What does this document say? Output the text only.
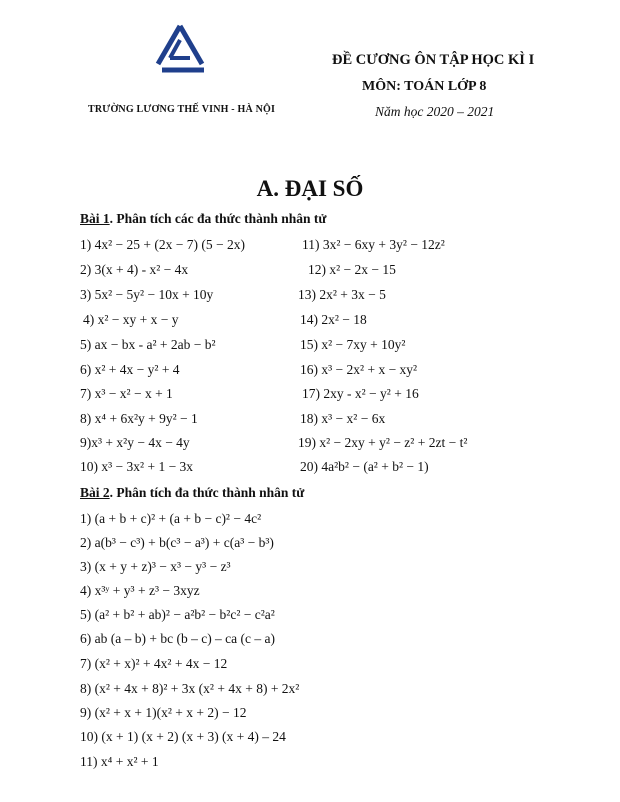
TRƯỜNG LƯƠNG THẾ VINH - HÀ NỘI
ĐỀ CƯƠNG ÔN TẬP HỌC KÌ I
MÔN: TOÁN LỚP 8
Năm học 2020 – 2021
A. ĐẠI SỐ
Bài 1. Phân tích các đa thức thành nhân tử
1) 4x² − 25 + (2x − 7) (5 − 2x)
2) 3(x + 4) - x² − 4x
3) 5x² − 5y² − 10x + 10y
4) x² − xy + x − y
5) ax − bx - a² + 2ab − b²
6) x² + 4x − y² + 4
7) x³ − x² − x + 1
8) x⁴ + 6x²y + 9y² − 1
9)x³ + x²y − 4x − 4y
10) x³ − 3x² + 1 − 3x
11) 3x² − 6xy + 3y² − 12z²
12) x² − 2x − 15
13) 2x² + 3x − 5
14) 2x² − 18
15) x² − 7xy + 10y²
16) x³ − 2x² + x − xy²
17) 2xy - x² − y² + 16
18) x³ − x² − 6x
19) x² − 2xy + y² − z² + 2zt − t²
20) 4a²b² − (a² + b² − 1)
Bài 2. Phân tích đa thức thành nhân tử
1) (a + b + c)² + (a + b − c)² − 4c²
2) a(b³ − c³) + b(c³ − a³) + c(a³ − b³)
3) (x + y + z)³ − x³ − y³ − z³
4) x³ʸ + y³ + z³ − 3xyz
5) (a² + b² + ab)² − a²b² − b²c² − c²a²
6) ab (a – b) + bc (b – c) – ca (c – a)
7) (x² + x)² + 4x² + 4x − 12
8) (x² + 4x + 8)² + 3x (x² + 4x + 8) + 2x²
9) (x² + x + 1)(x² + x + 2) − 12
10) (x + 1) (x + 2) (x + 3) (x + 4) – 24
11) x⁴ + x² + 1
